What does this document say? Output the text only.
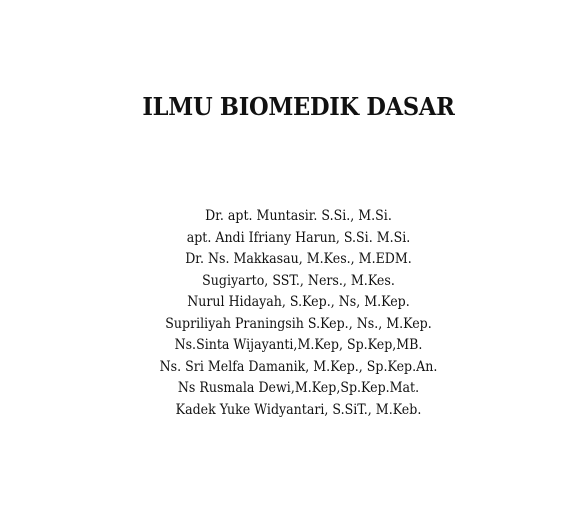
ILMU BIOMEDIK DASAR
Dr. apt. Muntasir. S.Si., M.Si.
apt. Andi Ifriany Harun, S.Si. M.Si.
Dr. Ns. Makkasau, M.Kes., M.EDM.
Sugiyarto, SST., Ners., M.Kes.
Nurul Hidayah, S.Kep., Ns, M.Kep.
Supriliyah Praningsih S.Kep., Ns., M.Kep.
Ns.Sinta Wijayanti,M.Kep, Sp.Kep,MB.
Ns. Sri Melfa Damanik, M.Kep., Sp.Kep.An.
Ns Rusmala Dewi,M.Kep,Sp.Kep.Mat.
Kadek Yuke Widyantari, S.SiT., M.Keb.
